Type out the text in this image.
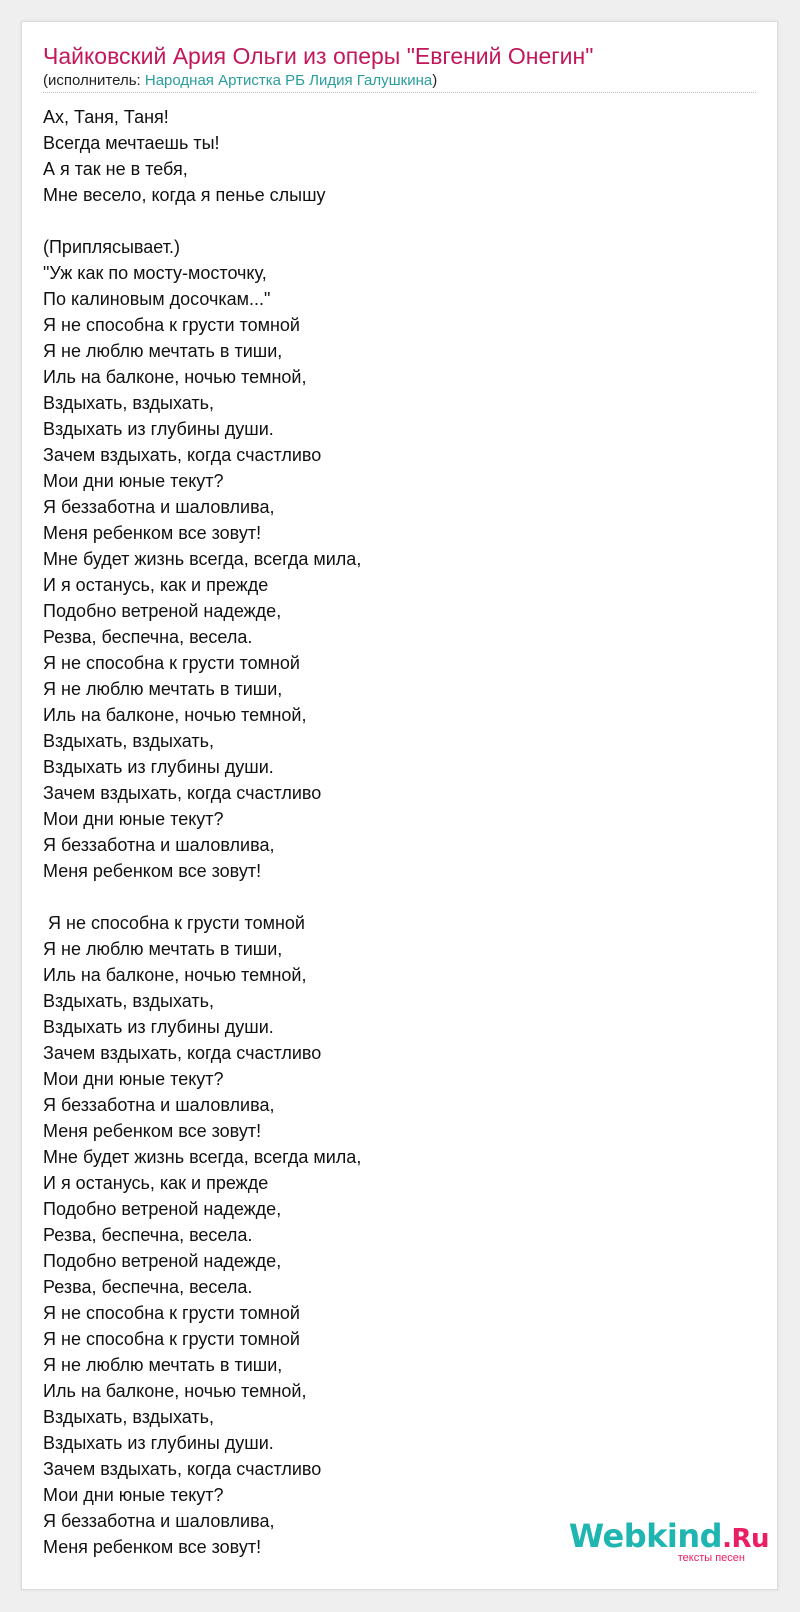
Чайковский Ария Ольги из оперы "Евгений Онегин"
(исполнитель: Народная Артистка РБ Лидия Галушкина)
Ах, Таня, Таня!
Всегда мечтаешь ты!
А я так не в тебя,
Мне весело, когда я пенье слышу
(Приплясывает.)
"Уж как по мосту-мосточку,
По калиновым досочкам..."
Я не способна к грусти томной
Я не люблю мечтать в тиши,
Иль на балконе, ночью темной,
Вздыхать, вздыхать,
Вздыхать из глубины души.
Зачем вздыхать, когда счастливо
Мои дни юные текут?
Я беззаботна и шаловлива,
Меня ребенком все зовут!
Мне будет жизнь всегда, всегда мила,
И я останусь, как и прежде
Подобно ветреной надежде,
Резва, беспечна, весела.
Я не способна к грусти томной
Я не люблю мечтать в тиши,
Иль на балконе, ночью темной,
Вздыхать, вздыхать,
Вздыхать из глубины души.
Зачем вздыхать, когда счастливо
Мои дни юные текут?
Я беззаботна и шаловлива,
Меня ребенком все зовут!
Я не способна к грусти томной
Я не люблю мечтать в тиши,
Иль на балконе, ночью темной,
Вздыхать, вздыхать,
Вздыхать из глубины души.
Зачем вздыхать, когда счастливо
Мои дни юные текут?
Я беззаботна и шаловлива,
Меня ребенком все зовут!
Мне будет жизнь всегда, всегда мила,
И я останусь, как и прежде
Подобно ветреной надежде,
Резва, беспечна, весела.
Подобно ветреной надежде,
Резва, беспечна, весела.
Я не способна к грусти томной
Я не способна к грусти томной
Я не люблю мечтать в тиши,
Иль на балконе, ночью темной,
Вздыхать, вздыхать,
Вздыхать из глубины души.
Зачем вздыхать, когда счастливо
Мои дни юные текут?
Я беззаботна и шаловлива,
Меня ребенком все зовут!	Webkind.Ru
тексты песен
